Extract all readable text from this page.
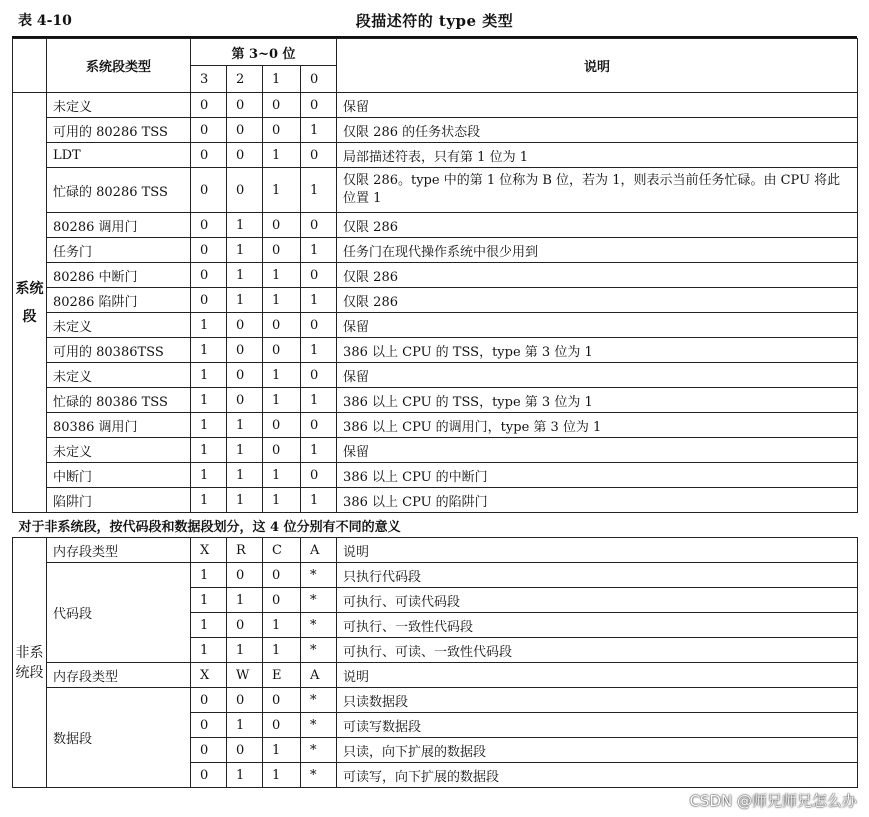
表 4-10	段描述符的 type 类型
	系统段类型	第 3~0 位				说明
		3	2	1	0	
系统段	未定义	0	0	0	0	保留
	可用的 80286 TSS	0	0	0	1	仅限 286 的任务状态段
	LDT	0	0	1	0	局部描述符表，只有第 1 位为 1
	忙碌的 80286 TSS	0	0	1	1	仅限 286。type 中的第 1 位称为 B 位，若为 1，则表示当前任务忙碌。由 CPU 将此位置 1
	80286 调用门	0	1	0	0	仅限 286
	任务门	0	1	0	1	任务门在现代操作系统中很少用到
	80286 中断门	0	1	1	0	仅限 286
	80286 陷阱门	0	1	1	1	仅限 286
	未定义	1	0	0	0	保留
	可用的 80386TSS	1	0	0	1	386 以上 CPU 的 TSS，type 第 3 位为 1
	未定义	1	0	1	0	保留
	忙碌的 80386 TSS	1	0	1	1	386 以上 CPU 的 TSS，type 第 3 位为 1
	80386 调用门	1	1	0	0	386 以上 CPU 的调用门，type 第 3 位为 1
	未定义	1	1	0	1	保留
	中断门	1	1	1	0	386 以上 CPU 的中断门
	陷阱门	1	1	1	1	386 以上 CPU 的陷阱门
对于非系统段，按代码段和数据段划分，这 4 位分别有不同的意义						
非系统段	内存段类型	X	R	C	A	说明
	代码段	1	0	0	*	只执行代码段
		1	1	0	*	可执行、可读代码段
		1	0	1	*	可执行、一致性代码段
		1	1	1	*	可执行、可读、一致性代码段
	内存段类型	X	W	E	A	说明
	数据段	0	0	0	*	只读数据段
		0	1	0	*	可读写数据段
		0	0	1	*	只读，向下扩展的数据段
		0	1	1	*	可读写，向下扩展的数据段
CSDN @师兄师兄怎么办
